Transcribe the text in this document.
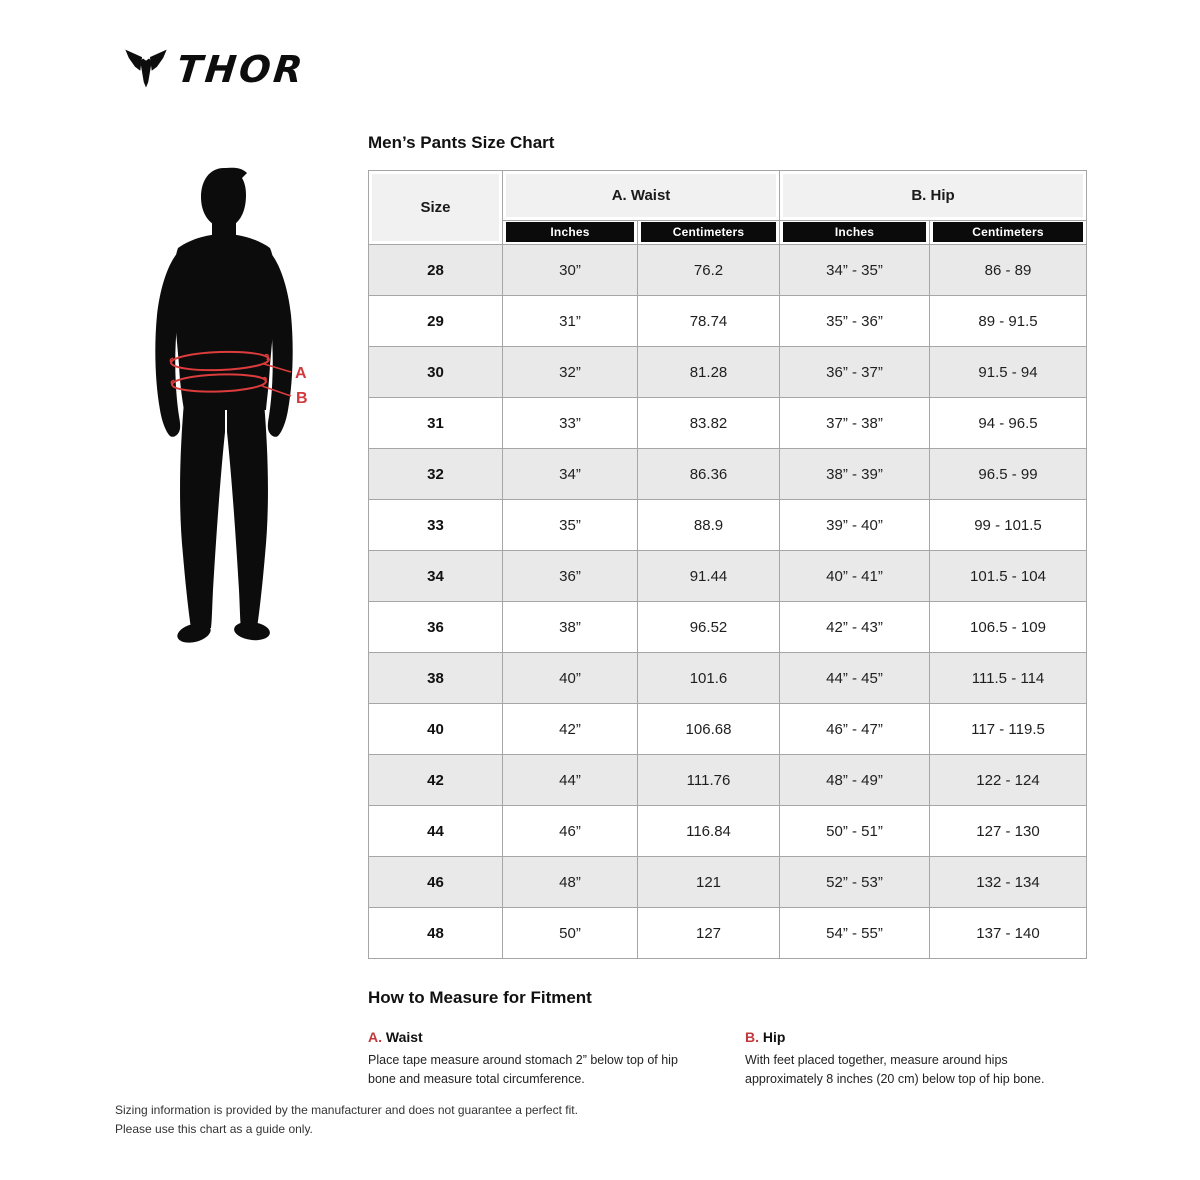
THOR
A
B
Men’s Pants Size Chart
Size	A. Waist		B. Hip	

Inches	Centimeters	Inches	Centimeters

28	30”	76.2	34” - 35”	86 - 89
29	31”	78.74	35” - 36”	89 - 91.5
30	32”	81.28	36” - 37”	91.5 - 94
31	33”	83.82	37” - 38”	94 - 96.5
32	34”	86.36	38” - 39”	96.5 - 99
33	35”	88.9	39” - 40”	99 - 101.5
34	36”	91.44	40” - 41”	101.5 - 104
36	38”	96.52	42” - 43”	106.5 - 109
38	40”	101.6	44” - 45”	111.5 - 114
40	42”	106.68	46” - 47”	117 - 119.5
42	44”	111.76	48” - 49”	122 - 124
44	46”	116.84	50” - 51”	127 - 130
46	48”	121	52” - 53”	132 - 134
48	50”	127	54” - 55”	137 - 140
How to Measure for Fitment
A. Waist

Place tape measure around stomach 2” below top of hip bone and measure total circumference.

B. Hip

With feet placed together, measure around hips approximately 8 inches (20 cm) below top of hip bone.

Sizing information is provided by the manufacturer and does not guarantee a perfect fit.
Please use this chart as a guide only.
